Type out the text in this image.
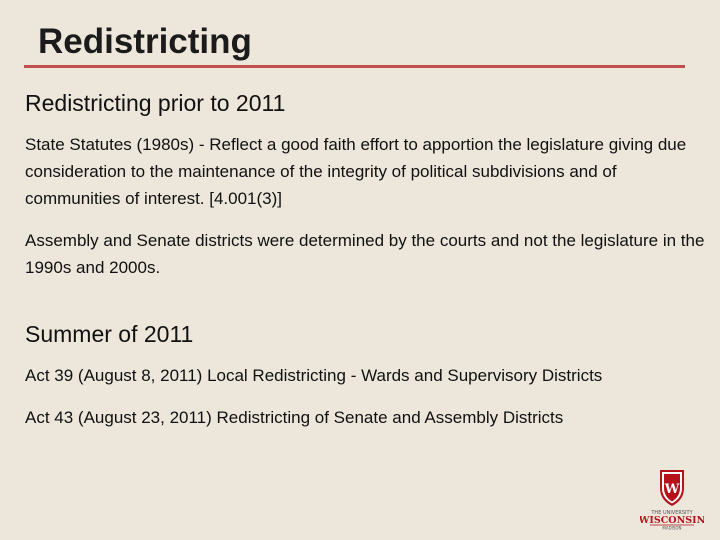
Redistricting
Redistricting prior to 2011

State Statutes (1980s) - Reflect a good faith effort to apportion the legislature giving due consideration to the maintenance of the integrity of political subdivisions and of communities of interest. [4.001(3)]

Assembly and Senate districts were determined by the courts and not the legislature in the 1990s and 2000s.

Summer of 2011

Act 39 (August 8, 2011) Local Redistricting - Wards and Supervisory Districts

Act 43 (August 23, 2011) Redistricting of Senate and Assembly Districts

W
THE UNIVERSITY
WISCONSIN
MADISON
